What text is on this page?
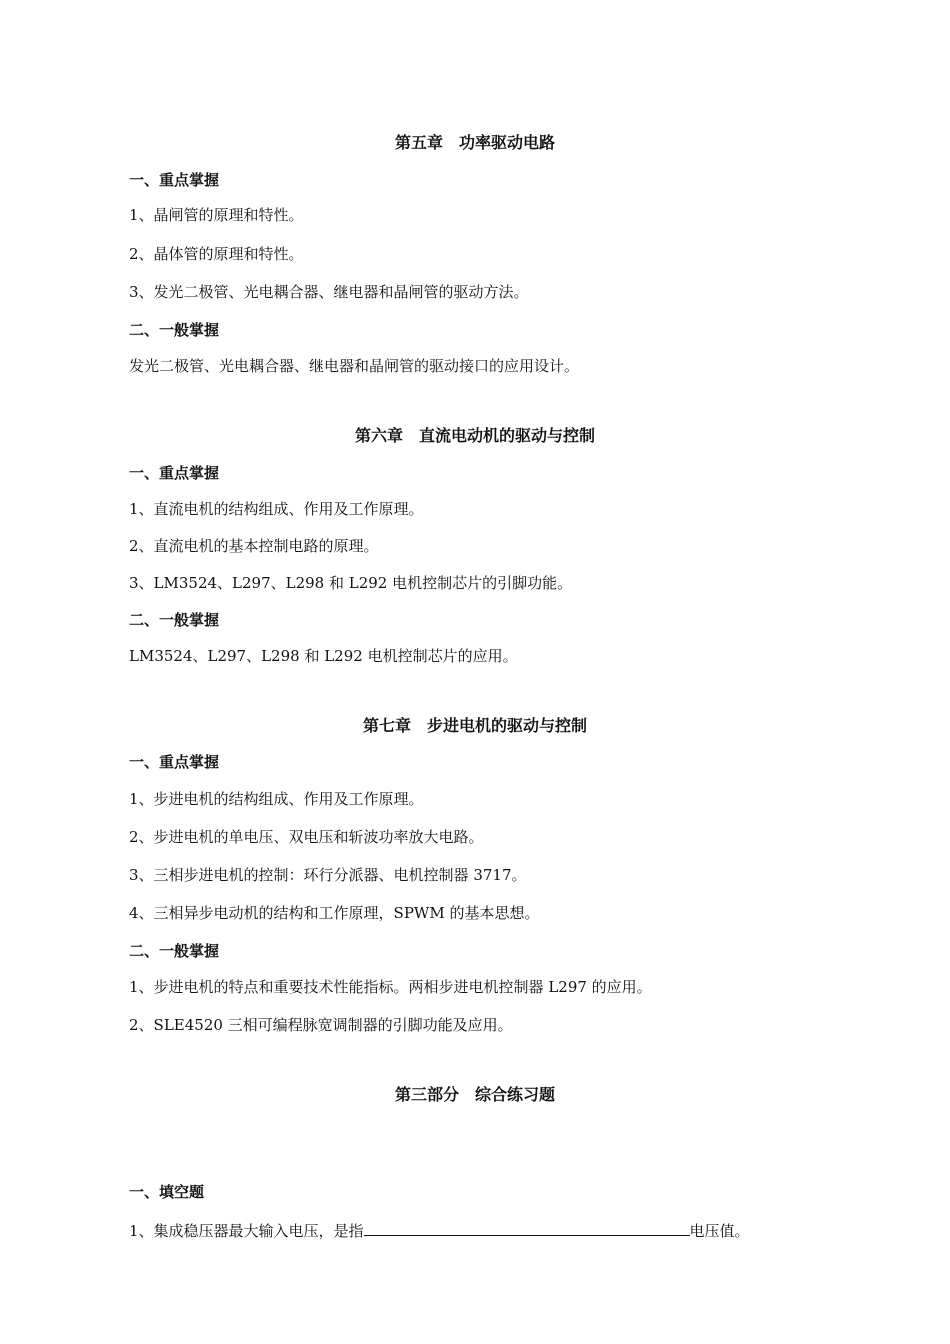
第五章　功率驱动电路
一、重点掌握
1、晶闸管的原理和特性。
2、晶体管的原理和特性。
3、发光二极管、光电耦合器、继电器和晶闸管的驱动方法。
二、一般掌握
发光二极管、光电耦合器、继电器和晶闸管的驱动接口的应用设计。
第六章　直流电动机的驱动与控制
一、重点掌握
1、直流电机的结构组成、作用及工作原理。
2、直流电机的基本控制电路的原理。
3、LM3524、L297、L298 和 L292 电机控制芯片的引脚功能。
二、一般掌握
LM3524、L297、L298 和 L292 电机控制芯片的应用。
第七章　步进电机的驱动与控制
一、重点掌握
1、步进电机的结构组成、作用及工作原理。
2、步进电机的单电压、双电压和斩波功率放大电路。
3、三相步进电机的控制：环行分派器、电机控制器 3717。
4、三相异步电动机的结构和工作原理，SPWM 的基本思想。
二、一般掌握
1、步进电机的特点和重要技术性能指标。两相步进电机控制器 L297 的应用。
2、SLE4520 三相可编程脉宽调制器的引脚功能及应用。
第三部分　综合练习题
一、填空题
1、集成稳压器最大输入电压，是指	电压值。
